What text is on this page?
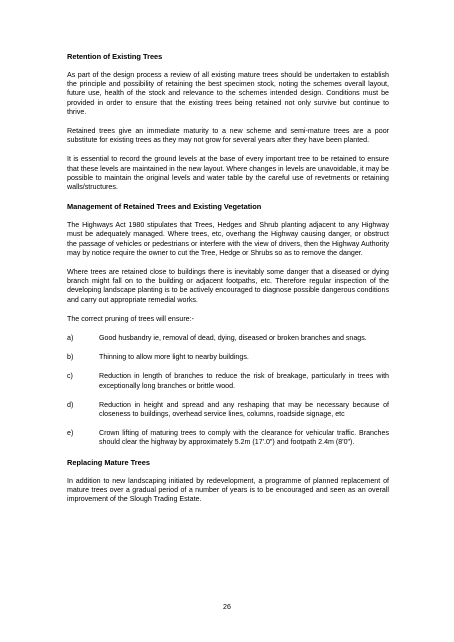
Retention of Existing Trees

As part of the design process a review of all existing mature trees should be undertaken to establish the principle and possibility of retaining the best specimen stock, noting the schemes overall layout, future use, health of the stock and relevance to the schemes intended design. Conditions must be provided in order to ensure that the existing trees being retained not only survive but continue to thrive.

Retained trees give an immediate maturity to a new scheme and semi-mature trees are a poor substitute for existing trees as they may not grow for several years after they have been planted.

It is essential to record the ground levels at the base of every important tree to be retained to ensure that these levels are maintained in the new layout. Where changes in levels are unavoidable, it may be possible to maintain the original levels and water table by the careful use of revetments or retaining walls/structures.

Management of Retained Trees and Existing Vegetation

The Highways Act 1980 stipulates that Trees, Hedges and Shrub planting adjacent to any Highway must be adequately managed. Where trees, etc, overhang the Highway causing danger, or obstruct the passage of vehicles or pedestrians or interfere with the view of drivers, then the Highway Authority may by notice require the owner to cut the Tree, Hedge or Shrubs so as to remove the danger.

Where trees are retained close to buildings there is inevitably some danger that a diseased or dying branch might fall on to the building or adjacent footpaths, etc. Therefore regular inspection of the developing landscape planting is to be actively encouraged to diagnose possible dangerous conditions and carry out appropriate remedial works.

The correct pruning of trees will ensure:-

a)	Good husbandry ie, removal of dead, dying, diseased or broken branches and snags.
b)	Thinning to allow more light to nearby buildings.
c)	Reduction in length of branches to reduce the risk of breakage, particularly in trees with exceptionally long branches or brittle wood.
d)	Reduction in height and spread and any reshaping that may be necessary because of closeness to buildings, overhead service lines, columns, roadside signage, etc
e)	Crown lifting of maturing trees to comply with the clearance for vehicular traffic. Branches should clear the highway by approximately 5.2m (17'.0") and footpath 2.4m (8'0").
Replacing Mature Trees

In addition to new landscaping initiated by redevelopment, a programme of planned replacement of mature trees over a gradual period of a number of years is to be encouraged and seen as an overall improvement of the Slough Trading Estate.

26
